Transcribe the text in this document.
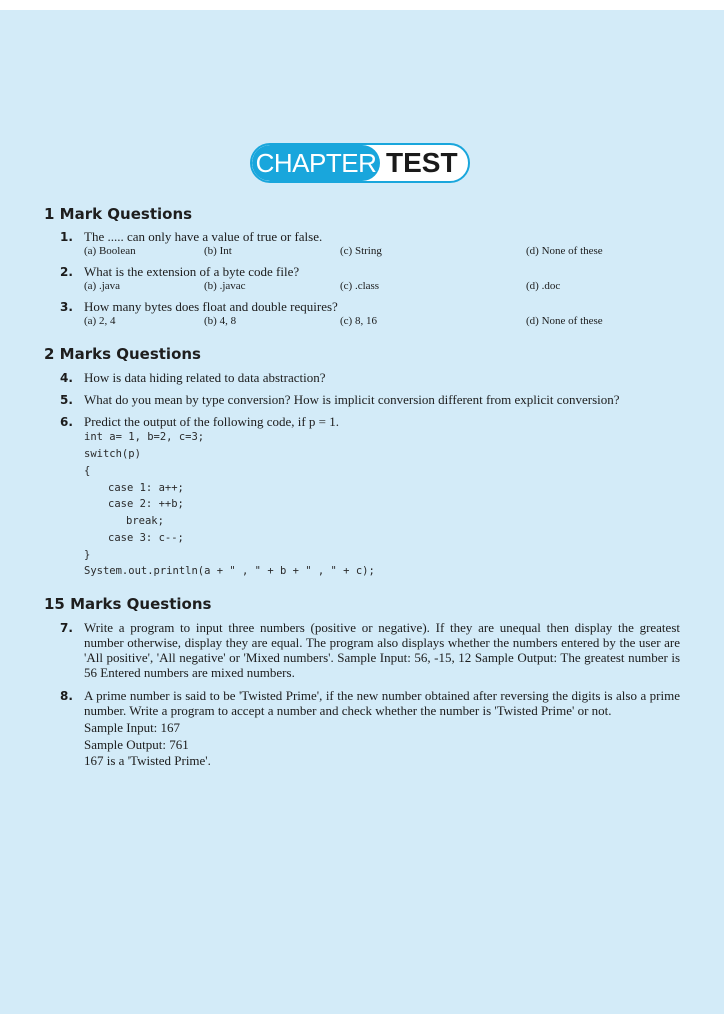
CHAPTER TEST
1 Mark Questions
1. The ..... can only have a value of true or false.
(a) Boolean	(b) Int	(c) String	(d) None of these
2. What is the extension of a byte code file?
(a) .java	(b) .javac	(c) .class	(d) .doc
3. How many bytes does float and double requires?
(a) 2, 4	(b) 4, 8	(c) 8, 16	(d) None of these
2 Marks Questions
4. How is data hiding related to data abstraction?
5. What do you mean by type conversion? How is implicit conversion different from explicit conversion?
6. Predict the output of the following code, if p = 1.
int a= 1, b=2, c=3;
switch(p)
{
case 1: a++;
case 2: ++b;
break;
case 3: c--;
}
System.out.println(a + " , " + b + " , " + c);
15 Marks Questions
7. Write a program to input three numbers (positive or negative). If they are unequal then display the greatest number otherwise, display they are equal. The program also displays whether the numbers entered by the user are 'All positive', 'All negative' or 'Mixed numbers'. Sample Input: 56, -15, 12 Sample Output: The greatest number is 56 Entered numbers are mixed numbers.
8. A prime number is said to be 'Twisted Prime', if the new number obtained after reversing the digits is also a prime number. Write a program to accept a number and check whether the number is 'Twisted Prime' or not.
Sample Input: 167
Sample Output: 761
167 is a 'Twisted Prime'.
